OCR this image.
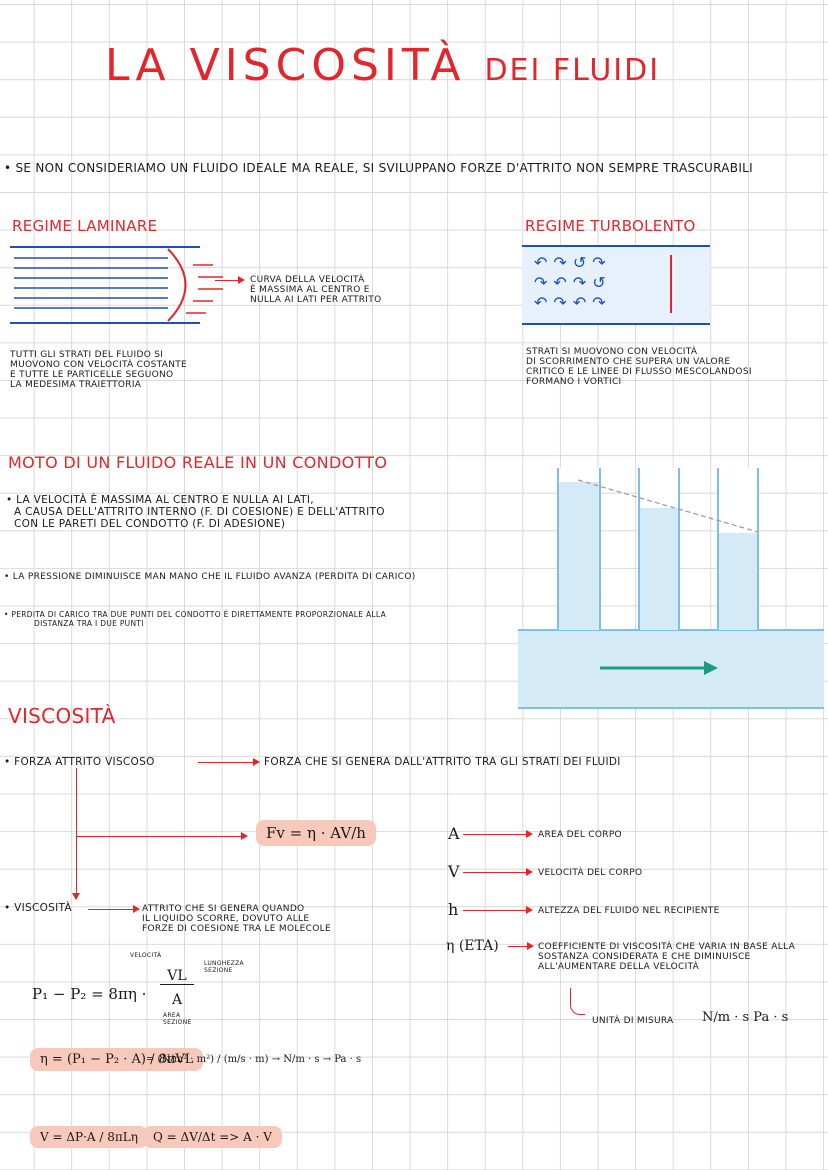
LA VISCOSITÀ DEI FLUIDI
• SE NON CONSIDERIAMO UN FLUIDO IDEALE MA REALE, SI SVILUPPANO FORZE D'ATTRITO NON SEMPRE TRASCURABILI
REGIME LAMINARE
CURVA DELLA VELOCITÀ
È MASSIMA AL CENTRO E
NULLA AI LATI PER ATTRITO
TUTTI GLI STRATI DEL FLUIDO SI
MUOVONO CON VELOCITÀ COSTANTE
E TUTTE LE PARTICELLE SEGUONO
LA MEDESIMA TRAIETTORIA
REGIME TURBOLENTO
↶↷↺↷
↷↶↷↺
↶↷↶↷
STRATI SI MUOVONO CON VELOCITÀ
DI SCORRIMENTO CHE SUPERA UN VALORE
CRITICO E LE LINEE DI FLUSSO MESCOLANDOSI
FORMANO I VORTICI
MOTO DI UN FLUIDO REALE IN UN CONDOTTO
• LA VELOCITÀ È MASSIMA AL CENTRO E NULLA AI LATI,
A CAUSA DELL'ATTRITO INTERNO (F. DI COESIONE) E DELL'ATTRITO
CON LE PARETI DEL CONDOTTO (F. DI ADESIONE)
• LA PRESSIONE DIMINUISCE MAN MANO CHE IL FLUIDO AVANZA (PERDITA DI CARICO)
• PERDITA DI CARICO TRA DUE PUNTI DEL CONDOTTO È DIRETTAMENTE PROPORZIONALE ALLA
DISTANZA TRA I DUE PUNTI
VISCOSITÀ
• FORZA ATTRITO VISCOSO	FORZA CHE SI GENERA DALL'ATTRITO TRA GLI STRATI DEI FLUIDI
Fv = η · AV/h
• VISCOSITÀ	ATTRITO CHE SI GENERA QUANDO
IL LIQUIDO SCORRE, DOVUTO ALLE
FORZE DI COESIONE TRA LE MOLECOLE
P₁ − P₂ = 8πη ·
VL
A
VELOCITÀ
LUNGHEZZA
SEZIONE
AREA
SEZIONE
η = (P₁ − P₂ · A) / 8πVL
= (N/m² · m²) / (m/s · m) → N/m · s → Pa · s
V = ΔP·A / 8πLη	Q = ΔV/Δt => A · V
A	AREA DEL CORPO
V	VELOCITÀ DEL CORPO
h	ALTEZZA DEL FLUIDO NEL RECIPIENTE
η (ETA)	COEFFICIENTE DI VISCOSITÀ CHE VARIA IN BASE ALLA SOSTANZA CONSIDERATA E CHE DIMINUISCE ALL'AUMENTARE DELLA VELOCITÀ
UNITÀ DI MISURA N/m · s Pa · s
